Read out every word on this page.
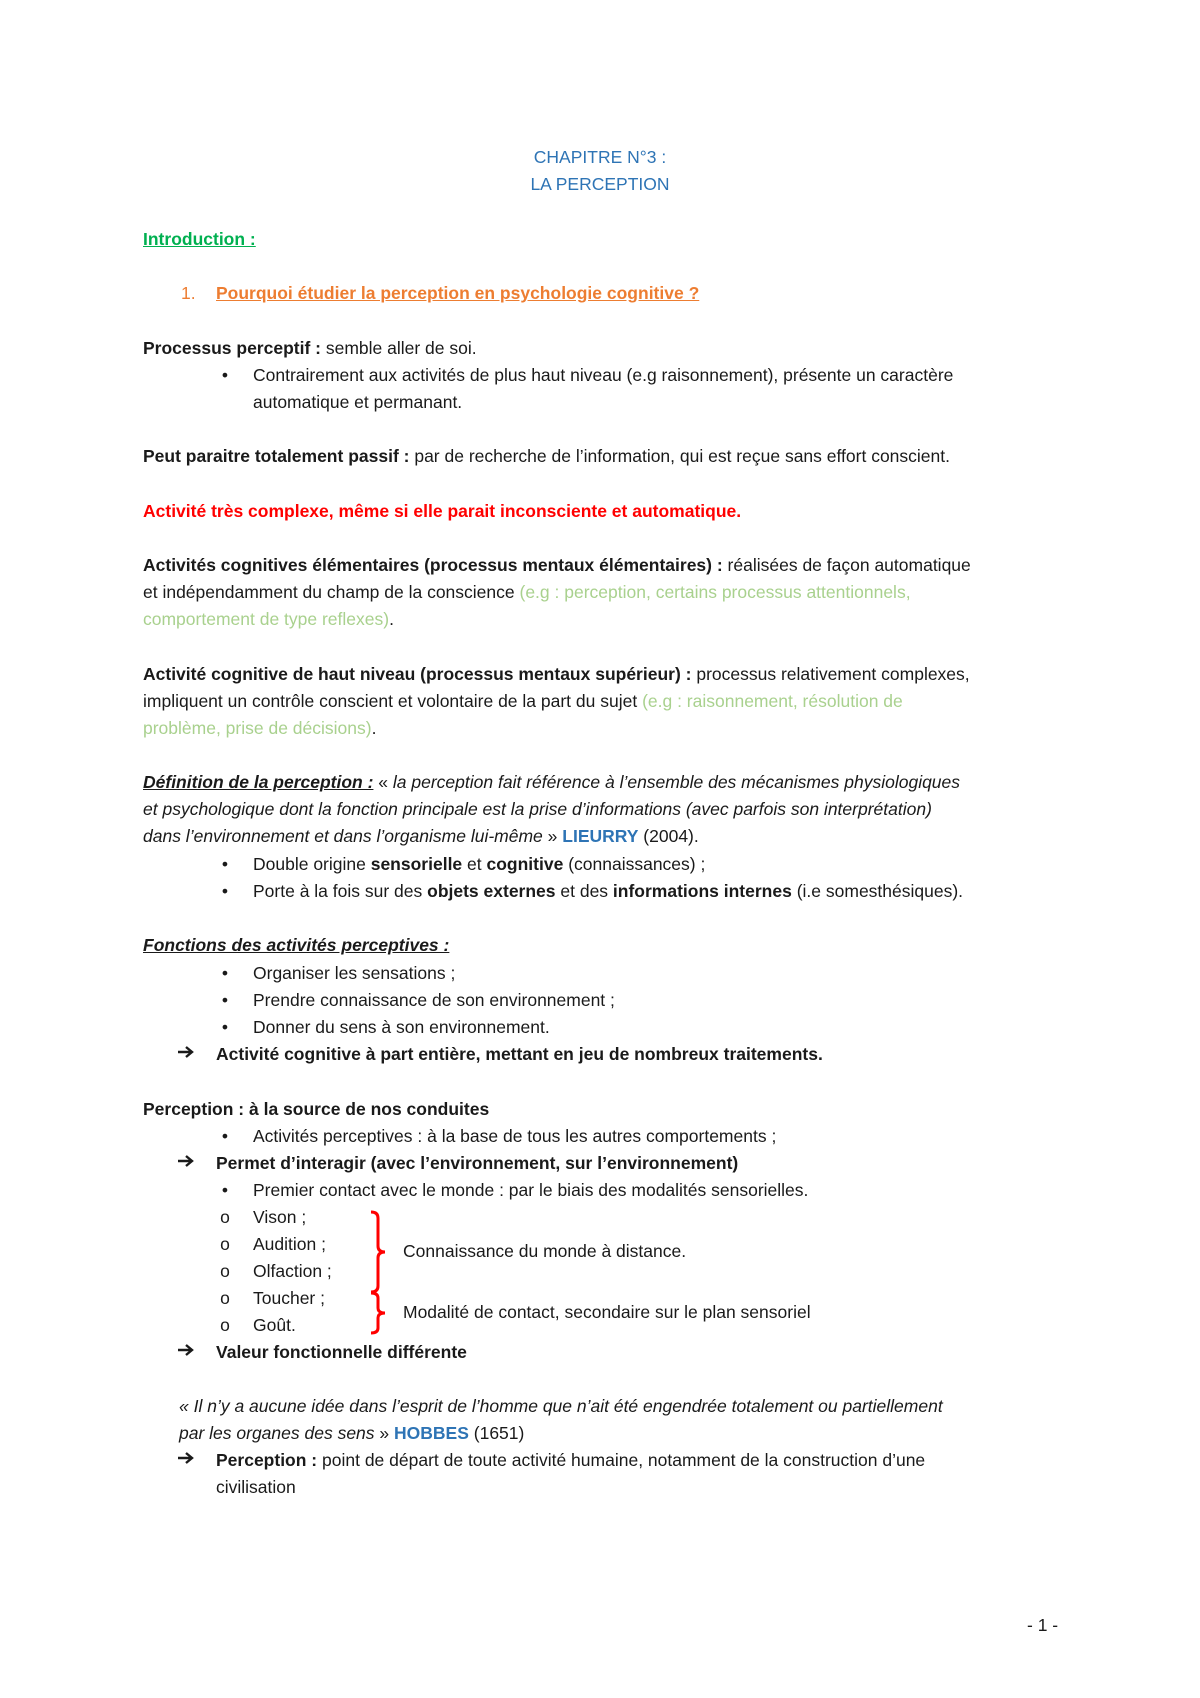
CHAPITRE N°3 :
LA PERCEPTION
Introduction :
1. Pourquoi étudier la perception en psychologie cognitive ?
Processus perceptif : semble aller de soi.
• Contrairement aux activités de plus haut niveau (e.g raisonnement), présente un caractère
automatique et permanant.
Peut paraitre totalement passif : par de recherche de l’information, qui est reçue sans effort conscient.
Activité très complexe, même si elle parait inconsciente et automatique.
Activités cognitives élémentaires (processus mentaux élémentaires) : réalisées de façon automatique
et indépendamment du champ de la conscience (e.g : perception, certains processus attentionnels,
comportement de type reflexes).
Activité cognitive de haut niveau (processus mentaux supérieur) : processus relativement complexes,
impliquent un contrôle conscient et volontaire de la part du sujet (e.g : raisonnement, résolution de
problème, prise de décisions).
Définition de la perception : « la perception fait référence à l’ensemble des mécanismes physiologiques
et psychologique dont la fonction principale est la prise d’informations (avec parfois son interprétation)
dans l’environnement et dans l’organisme lui-même » LIEURRY (2004).
• Double origine sensorielle et cognitive (connaissances) ;
• Porte à la fois sur des objets externes et des informations internes (i.e somesthésiques).
Fonctions des activités perceptives :
• Organiser les sensations ;
• Prendre connaissance de son environnement ;
• Donner du sens à son environnement.
Activité cognitive à part entière, mettant en jeu de nombreux traitements.
Perception : à la source de nos conduites
• Activités perceptives : à la base de tous les autres comportements ;
Permet d’interagir (avec l’environnement, sur l’environnement)
• Premier contact avec le monde : par le biais des modalités sensorielles.
o Vison ;
o Audition ;
o Olfaction ;
o Toucher ;
o Goût.
Connaissance du monde à distance.
Modalité de contact, secondaire sur le plan sensoriel
Valeur fonctionnelle différente
« Il n’y a aucune idée dans l’esprit de l’homme que n’ait été engendrée totalement ou partiellement
par les organes des sens » HOBBES (1651)
Perception : point de départ de toute activité humaine, notamment de la construction d’une
civilisation
- 1 -
